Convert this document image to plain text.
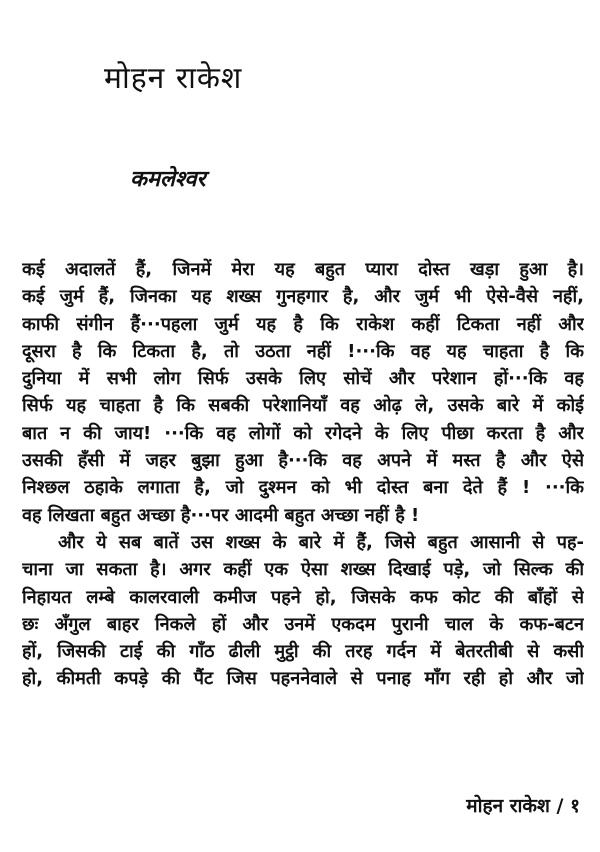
मोहन राकेश
कमलेश्वर
कई अदालतें हैं, जिनमें मेरा यह बहुत प्यारा दोस्त खड़ा हुआ है।
कई जुर्म हैं, जिनका यह शख्स गुनहगार है, और जुर्म भी ऐसे-वैसे नहीं,
काफी संगीन हैं···पहला जुर्म यह है कि राकेश कहीं टिकता नहीं और
दूसरा है कि टिकता है, तो उठता नहीं !···कि वह यह चाहता है कि
दुनिया में सभी लोग सिर्फ उसके लिए सोचें और परेशान हों···कि वह
सिर्फ यह चाहता है कि सबकी परेशानियाँ वह ओढ़ ले, उसके बारे में कोई
बात न की जाय! ···कि वह लोगों को रगेदने के लिए पीछा करता है और
उसकी हँसी में जहर बुझा हुआ है···कि वह अपने में मस्त है और ऐसे
निश्छल ठहाके लगाता है, जो दुश्मन को भी दोस्त बना देते हैं ! ···कि
वह लिखता बहुत अच्छा है···पर आदमी बहुत अच्छा नहीं है !
और ये सब बातें उस शख्स के बारे में हैं, जिसे बहुत आसानी से पह-
चाना जा सकता है। अगर कहीं एक ऐसा शख्स दिखाई पड़े, जो सिल्क की
निहायत लम्बे कालरवाली कमीज पहने हो, जिसके कफ कोट की बाँहों से
छः अँगुल बाहर निकले हों और उनमें एकदम पुरानी चाल के कफ-बटन
हों, जिसकी टाई की गाँठ ढीली मुट्ठी की तरह गर्दन में बेतरतीबी से कसी
हो, कीमती कपड़े की पैंट जिस पहननेवाले से पनाह माँग रही हो और जो
मोहन राकेश / १
